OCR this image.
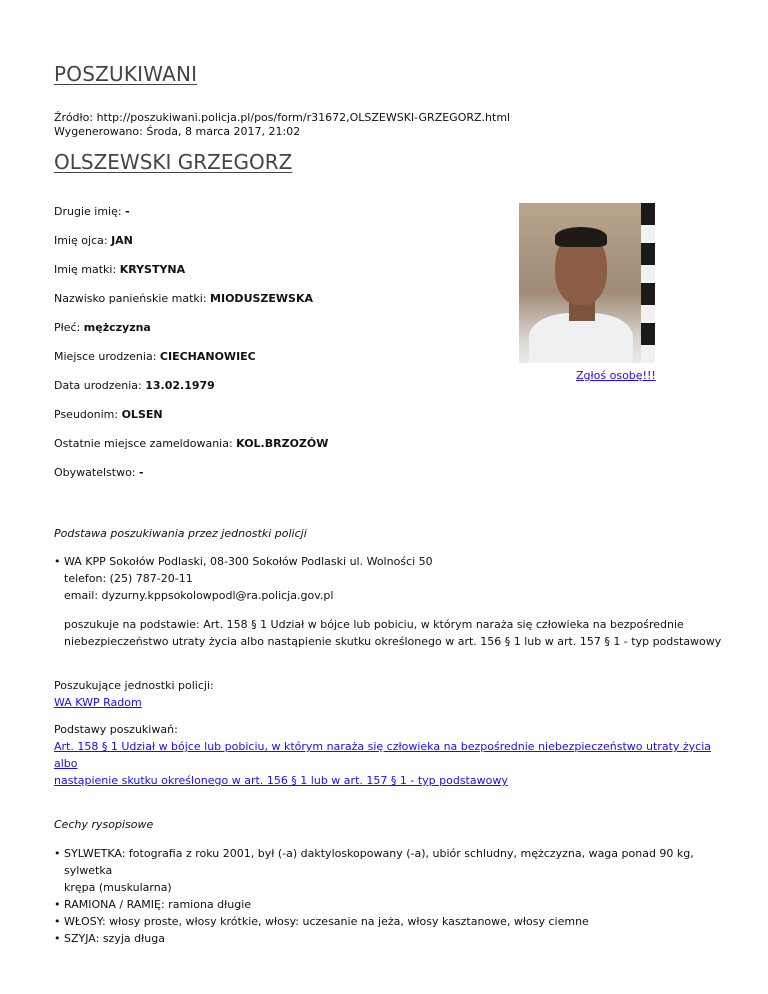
POSZUKIWANI
Źródło: http://poszukiwani.policja.pl/pos/form/r31672,OLSZEWSKI-GRZEGORZ.html
Wygenerowano: Środa, 8 marca 2017, 21:02
OLSZEWSKI GRZEGORZ
Drugie imię: -
Imię ojca: JAN
Imię matki: KRYSTYNA
Nazwisko panieńskie matki: MIODUSZEWSKA
Płeć: mężczyzna
Miejsce urodzenia: CIECHANOWIEC
Data urodzenia: 13.02.1979
Pseudonim: OLSEN
Ostatnie miejsce zameldowania: KOL.BRZOZÓW
Obywatelstwo: -
Zgłoś osobę!!!
Podstawa poszukiwania przez jednostki policji
WA KPP Sokołów Podlaski, 08-300 Sokołów Podlaski ul. Wolności 50
telefon: (25) 787-20-11
email: dyzurny.kppsokolowpodl@ra.policja.gov.pl
poszukuje na podstawie: Art. 158 § 1 Udział w bójce lub pobiciu, w którym naraża się człowieka na bezpośrednie
niebezpieczeństwo utraty życia albo nastąpienie skutku określonego w art. 156 § 1 lub w art. 157 § 1 - typ podstawowy
Poszukujące jednostki policji:
WA KWP Radom
Podstawy poszukiwań:
Art. 158 § 1 Udział w bójce lub pobiciu, w którym naraża się człowieka na bezpośrednie niebezpieczeństwo utraty życia albo
nastąpienie skutku określonego w art. 156 § 1 lub w art. 157 § 1 - typ podstawowy
Cechy rysopisowe
SYLWETKA: fotografia z roku 2001, był (-a) daktyloskopowany (-a), ubiór schludny, mężczyzna, waga ponad 90 kg, sylwetka
krępa (muskularna)
RAMIONA / RAMIĘ: ramiona długie
WŁOSY: włosy proste, włosy krótkie, włosy: uczesanie na jeża, włosy kasztanowe, włosy ciemne
SZYJA: szyja długa
